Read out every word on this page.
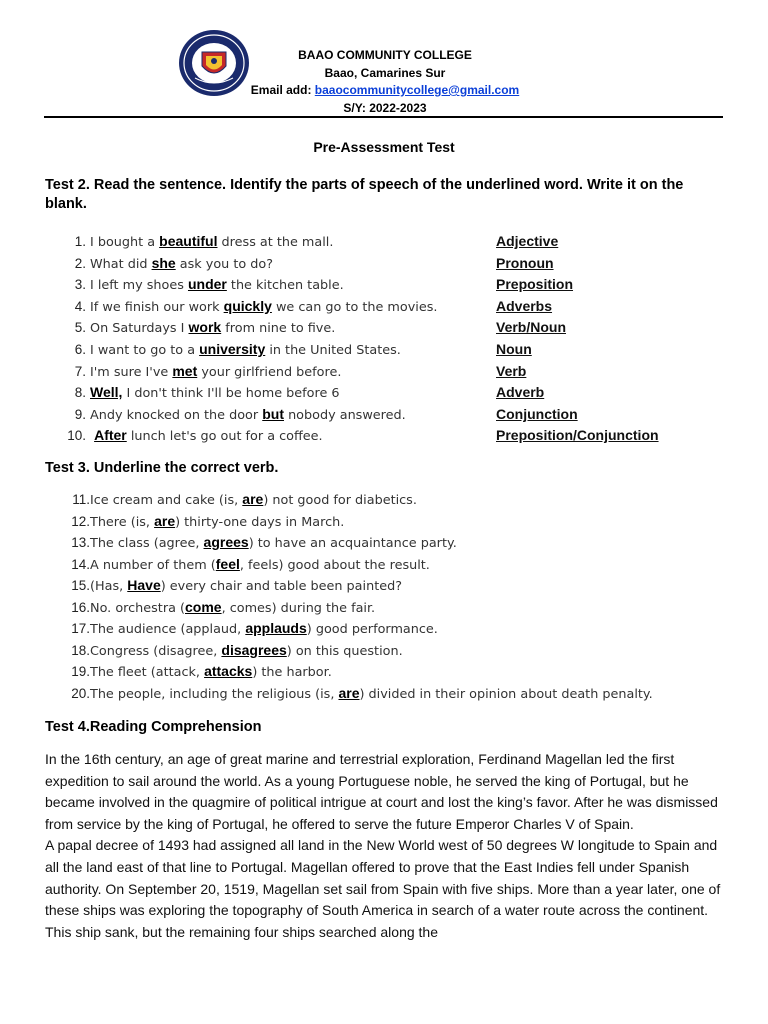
BAAO COMMUNITY COLLEGE
Baao, Camarines Sur
Email add: baaocommunitycollege@gmail.com
S/Y: 2022-2023
Pre-Assessment Test
Test 2. Read the sentence. Identify the parts of speech of the underlined word. Write it on the blank.
1. I bought a beautiful dress at the mall.	Adjective
2. What did she ask you to do?	Pronoun
3. I left my shoes under the kitchen table.	Preposition
4. If we finish our work quickly we can go to the movies.	Adverbs
5. On Saturdays I work from nine to five.	Verb/Noun
6. I want to go to a university in the United States.	Noun
7. I'm sure I've met your girlfriend before.	Verb
8. Well, I don't think I'll be home before 6	Adverb
9. Andy knocked on the door but nobody answered.	Conjunction
10. After lunch let's go out for a coffee.	Preposition/Conjunction
Test 3. Underline the correct verb.
11.Ice cream and cake (is, are) not good for diabetics.
12.There (is, are) thirty-one days in March.
13.The class (agree, agrees) to have an acquaintance party.
14.A number of them (feel, feels) good about the result.
15.(Has, Have) every chair and table been painted?
16.No. orchestra (come, comes) during the fair.
17.The audience (applaud, applauds) good performance.
18.Congress (disagree, disagrees) on this question.
19.The fleet (attack, attacks) the harbor.
20.The people, including the religious (is, are) divided in their opinion about death penalty.
Test 4.Reading Comprehension

In the 16th century, an age of great marine and terrestrial exploration, Ferdinand Magellan led the first expedition to sail around the world. As a young Portuguese noble, he served the king of Portugal, but he became involved in the quagmire of political intrigue at court and lost the king’s favor. After he was dismissed from service by the king of Portugal, he offered to serve the future Emperor Charles V of Spain.

A papal decree of 1493 had assigned all land in the New World west of 50 degrees W longitude to Spain and all the land east of that line to Portugal. Magellan offered to prove that the East Indies fell under Spanish authority. On September 20, 1519, Magellan set sail from Spain with five ships. More than a year later, one of these ships was exploring the topography of South America in search of a water route across the continent. This ship sank, but the remaining four ships searched along the
